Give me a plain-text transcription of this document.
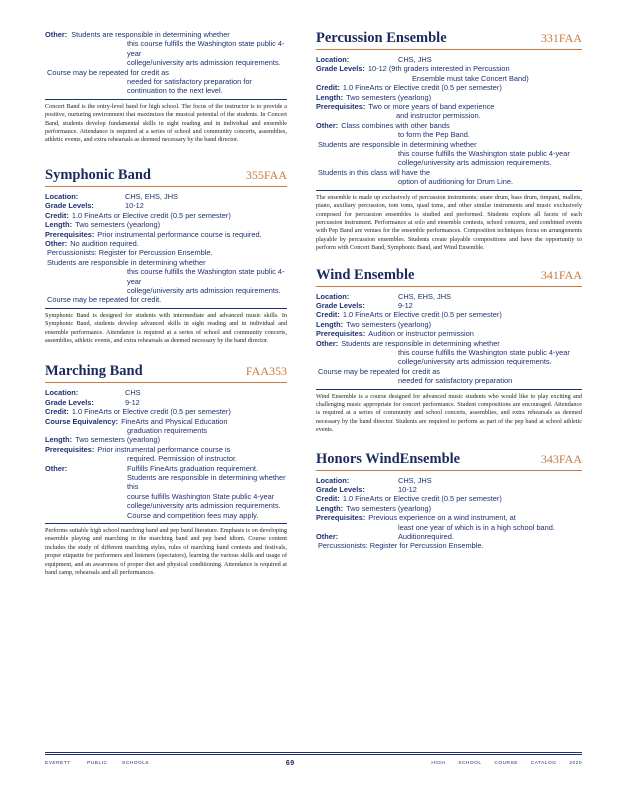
Other: Students are responsible in determining whether
this course fulfills the Washington state public 4-year
college/university arts admission requirements.
Course may be repeated for credit as
needed for satisfactory preparation for
continuation to the next level.

Concert Band is the entry-level band for high school. The focus of the instructor is to provide a positive, nurturing environment that maximizes the musical potential of the students. In Concert Band, students develop fundamental skills in sight reading and in individual and ensemble performance. Attendance is required at a series of school and community concerts, assemblies, athletic events, and extra rehearsals as deemed necessary by the band director.

Symphonic Band	355FAA
Location:	CHS, EHS, JHS
Grade Levels:	10-12
Credit: 1.0 FineArts or Elective credit (0.5 per semester)
Length: Two semesters (yearlong)
Prerequisites: Prior instrumental performance course is required.
Other: No audition required.
Percussionists: Register for Percussion Ensemble.
Students are responsible in determining whether
this course fulfills the Washington state public 4-year
college/university arts admission requirements.
Course may be repeated for credit.

Symphonic Band is designed for students with intermediate and advanced music skills. In Symphonic Band, students develop advanced skills in sight reading and in individual and ensemble performance. Attendance is required at a series of school and community concerts, assemblies, athletic events, and extra rehearsals as deemed necessary by the band director.

Marching Band	FAA353
Location:	CHS
Grade Levels:	9-12
Credit: 1.0 FineArts or Elective credit (0.5 per semester)
Course Equivalency: FineArts and Physical Education
graduation requirements
Length: Two semesters (yearlong)
Prerequisites: Prior instrumental performance course is
required. Permission of instructor.
Other:	Fulfills FineArts graduation requirement.
Students are responsible in determining whether this
course fulfills Washington State public 4-year
college/university arts admission requirements.
Course and competition fees may apply.

Performs suitable high school marching band and pep band literature. Emphasis is on developing ensemble playing and marching in the marching band and pep band idiom. Course content includes the study of different marching styles, rules of marching band contests and festivals, proper etiquette for performers and listeners (spectators), learning the various skills and usage of equipment, and an awareness of proper diet and physical conditioning. Attendance is required at band camp, rehearsals and all performances.

Percussion Ensemble	331FAA
Location:	CHS, JHS
Grade Levels: 10-12 (9th graders interested in Percussion
Ensemble must take Concert Band)
Credit: 1.0 FineArts or Elective credit (0.5 per semester)
Length: Two semesters (yearlong)
Prerequisites: Two or more years of band experience
and instructor permission.
Other: Class combines with other bands
to form the Pep Band.
Students are responsible in determining whether
this course fulfills the Washington state public 4-year
college/university arts admission requirements.
Students in this class will have the
option of auditioning for Drum Line.

The ensemble is made up exclusively of percussion instruments: snare drum, bass drum, timpani, mallets, piano, auxiliary percussion, tom toms, quad toms, and other similar instruments and music exclusively composed for percussion ensembles is studied and performed. Students explore all facets of each percussion instrument. Performance at solo and ensemble contests, school concerts, and combined events with Pep Band are venues for the ensemble performances. Composition techniques focus on arrangements playable by percussion ensembles. Students create playable compositions and have the opportunity to perform with Concert Band, Symphonic Band, and Wind Ensemble.

Wind Ensemble	341FAA
Location:	CHS, EHS, JHS
Grade Levels:	9-12
Credit: 1.0 FineArts or Elective credit (0.5 per semester)
Length: Two semesters (yearlong)
Prerequisites: Audition or instructor permission
Other: Students are responsible in determining whether
this course fulfills the Washington state public 4-year
college/university arts admission requirements.
Course may be repeated for credit as
needed for satisfactory preparation

Wind Ensemble is a course designed for advanced music students who would like to play exciting and challenging music appropriate for concert performance. Student compositions are encouraged. Attendance is required at a series of community and school concerts, assemblies, and extra rehearsals as deemed necessary by the band director. Students are required to perform as part of the pep band at school athletic events.

Honors WindEnsemble	343FAA
Location:	CHS, JHS
Grade Levels:	10-12
Credit: 1.0 FineArts or Elective credit (0.5 per semester)
Length: Two semesters (yearlong)
Prerequisites: Previous experience on a wind instrument, at
least one year of which is in a high school band.
Other:	Auditionrequired.
Percussionists: Register for Percussion Ensemble.
EVERETT	PUBLIC	SCHOOLS	69	HIGH	SCHOOL	COURSE	CATALOG	2020
